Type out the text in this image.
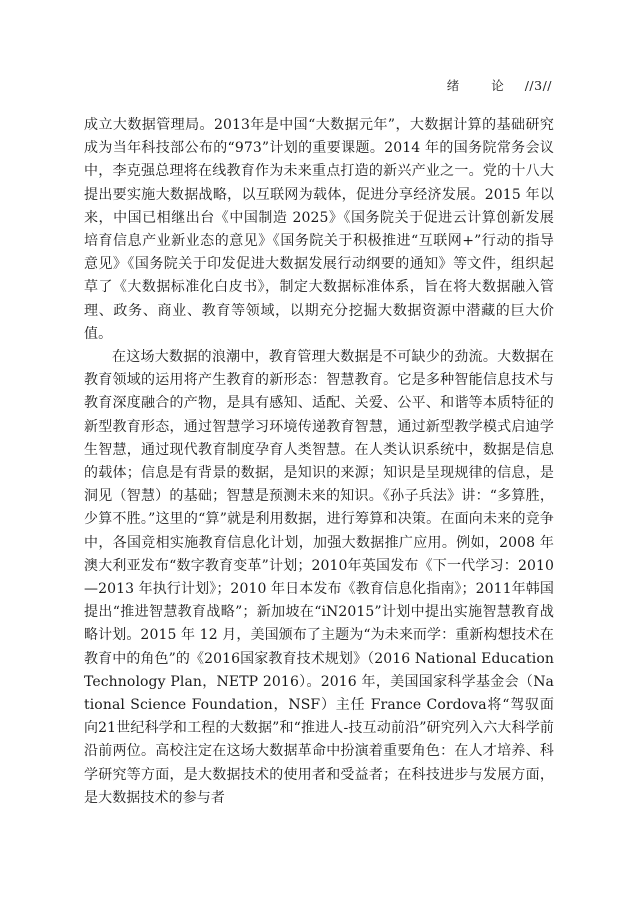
绪 论 //3//

成立大数据管理局。2013年是中国“大数据元年”，大数据计算的基础研究成为当年科技部公布的“973”计划的重要课题。2014 年的国务院常务会议中，李克强总理将在线教育作为未来重点打造的新兴产业之一。党的十八大提出要实施大数据战略，以互联网为载体，促进分享经济发展。2015 年以来，中国已相继出台《中国制造 2025》《国务院关于促进云计算创新发展培育信息产业新业态的意见》《国务院关于积极推进“互联网+”行动的指导意见》《国务院关于印发促进大数据发展行动纲要的通知》等文件，组织起草了《大数据标准化白皮书》，制定大数据标准体系，旨在将大数据融入管理、政务、商业、教育等领域，以期充分挖掘大数据资源中潜藏的巨大价值。

在这场大数据的浪潮中，教育管理大数据是不可缺少的劲流。大数据在教育领域的运用将产生教育的新形态：智慧教育。它是多种智能信息技术与教育深度融合的产物，是具有感知、适配、关爱、公平、和谐等本质特征的新型教育形态，通过智慧学习环境传递教育智慧，通过新型教学模式启迪学生智慧，通过现代教育制度孕育人类智慧。在人类认识系统中，数据是信息的载体；信息是有背景的数据，是知识的来源；知识是呈现规律的信息，是洞见（智慧）的基础；智慧是预测未来的知识。《孙子兵法》讲：“多算胜，少算不胜。”这里的“算”就是利用数据，进行筹算和决策。在面向未来的竞争中，各国竞相实施教育信息化计划，加强大数据推广应用。例如，2008 年澳大利亚发布“数字教育变革”计划；2010年英国发布《下一代学习：2010—2013 年执行计划》；2010 年日本发布《教育信息化指南》；2011年韩国提出“推进智慧教育战略”；新加坡在“iN2015”计划中提出实施智慧教育战略计划。2015 年 12 月，美国颁布了主题为“为未来而学：重新构想技术在教育中的角色”的《2016国家教育技术规划》（2016 National Education Technology Plan，NETP 2016）。2016 年，美国国家科学基金会（National Science Foundation，NSF）主任 France Cordova将“驾驭面向21世纪科学和工程的大数据”和“推进人-技互动前沿”研究列入六大科学前沿前两位。高校注定在这场大数据革命中扮演着重要角色：在人才培养、科学研究等方面，是大数据技术的使用者和受益者；在科技进步与发展方面，是大数据技术的参与者
